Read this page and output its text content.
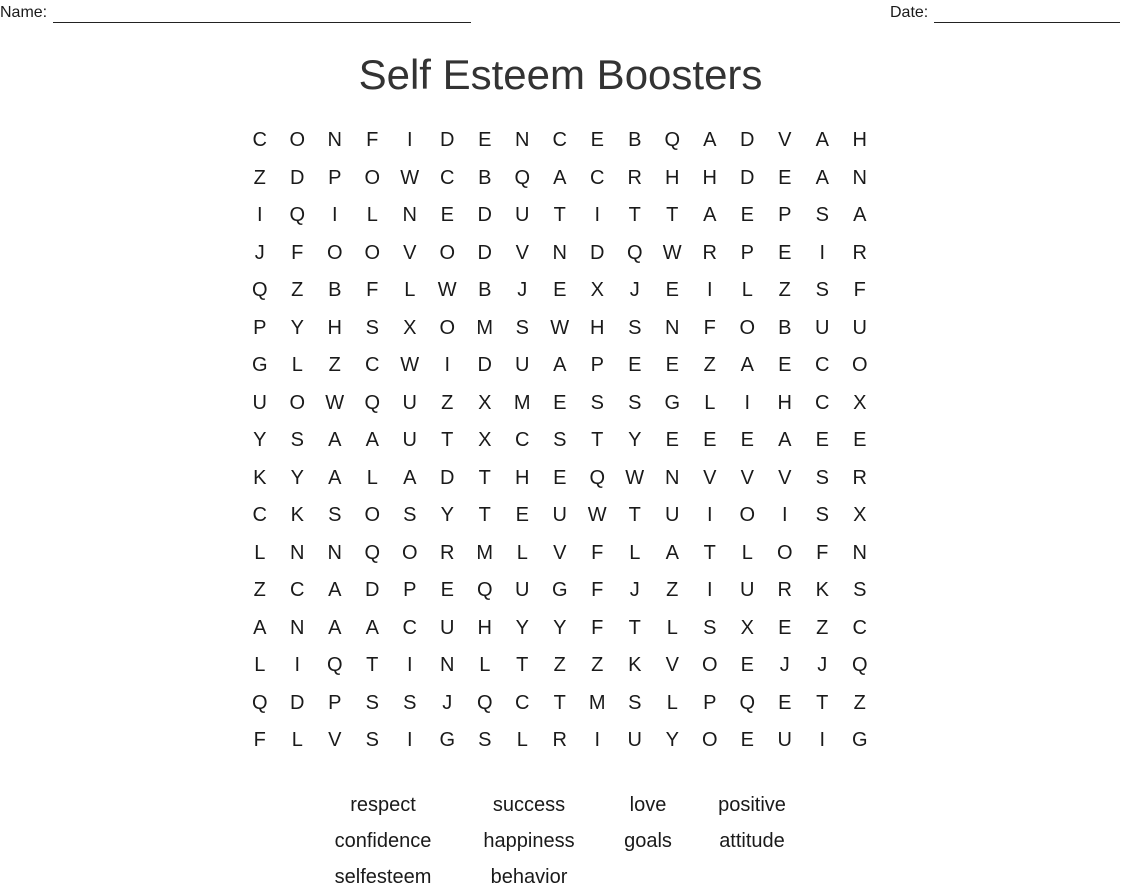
Name:	Date:
Self Esteem Boosters
C	O	N	F	I	D	E	N	C	E	B	Q	A	D	V	A	H
Z	D	P	O	W	C	B	Q	A	C	R	H	H	D	E	A	N
I	Q	I	L	N	E	D	U	T	I	T	T	A	E	P	S	A
J	F	O	O	V	O	D	V	N	D	Q	W	R	P	E	I	R
Q	Z	B	F	L	W	B	J	E	X	J	E	I	L	Z	S	F
P	Y	H	S	X	O	M	S	W	H	S	N	F	O	B	U	U
G	L	Z	C	W	I	D	U	A	P	E	E	Z	A	E	C	O
U	O	W	Q	U	Z	X	M	E	S	S	G	L	I	H	C	X
Y	S	A	A	U	T	X	C	S	T	Y	E	E	E	A	E	E
K	Y	A	L	A	D	T	H	E	Q	W	N	V	V	V	S	R
C	K	S	O	S	Y	T	E	U	W	T	U	I	O	I	S	X
L	N	N	Q	O	R	M	L	V	F	L	A	T	L	O	F	N
Z	C	A	D	P	E	Q	U	G	F	J	Z	I	U	R	K	S
A	N	A	A	C	U	H	Y	Y	F	T	L	S	X	E	Z	C
L	I	Q	T	I	N	L	T	Z	Z	K	V	O	E	J	J	Q
Q	D	P	S	S	J	Q	C	T	M	S	L	P	Q	E	T	Z
F	L	V	S	I	G	S	L	R	I	U	Y	O	E	U	I	G
respect	success	love	positive
confidence	happiness	goals	attitude
selfesteem	behavior
